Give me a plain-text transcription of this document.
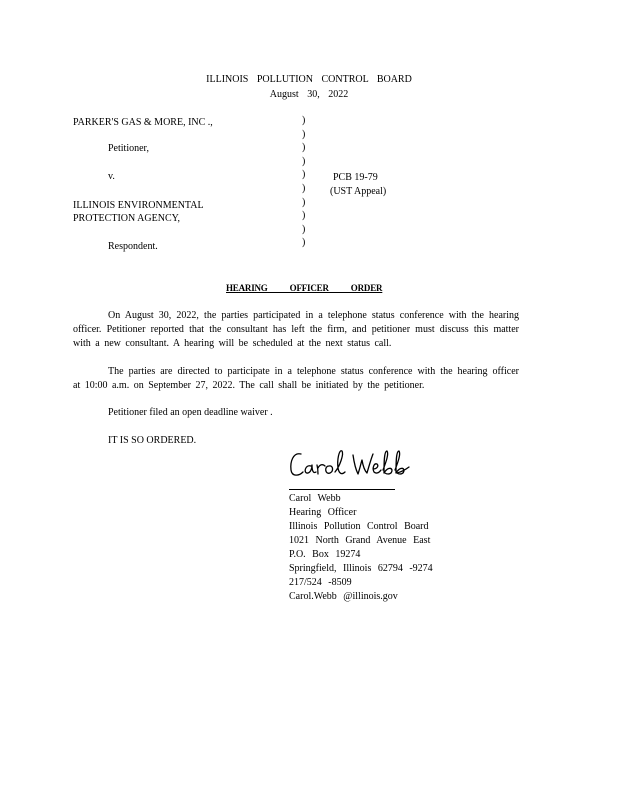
ILLINOIS POLLUTION CONTROL BOARD
August 30, 2022
PARKER'S GAS & MORE, INC .,
Petitioner,
v.
ILLINOIS ENVIRONMENTAL
PROTECTION AGENCY,
Respondent.
)
)
)
)
)
)
)
)
)
)
PCB 19-79
(UST Appeal)
HEARING OFFICER ORDER
On August 30, 2022, the parties participated in a telephone status conference with the hearing officer. Petitioner reported that the consultant has left the firm, and petitioner must discuss this matter with a new consultant. A hearing will be scheduled at the next status call.
The parties are directed to participate in a telephone status conference with the hearing officer at 10:00 a.m. on September 27, 2022. The call shall be initiated by the petitioner.
Petitioner filed an open deadline waiver .
IT IS SO ORDERED.
Carol Webb
Hearing Officer
Illinois Pollution Control Board
1021 North Grand Avenue East
P.O. Box 19274
Springfield, Illinois 62794 -9274
217/524 -8509
Carol.Webb @illinois.gov
